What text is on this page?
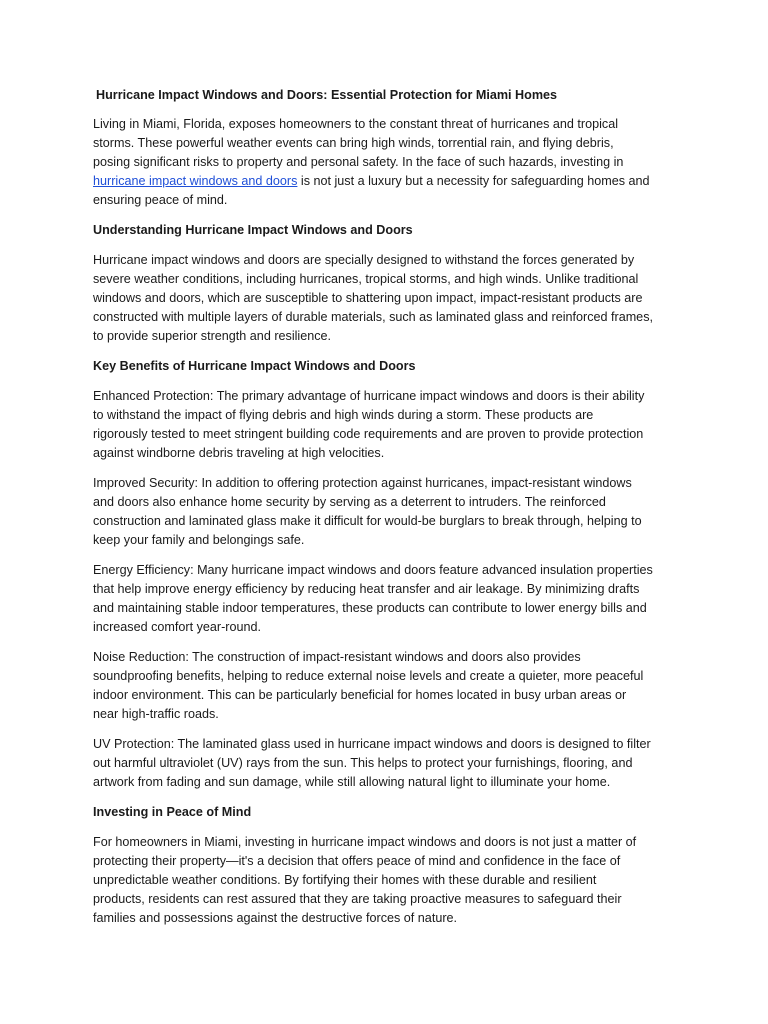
Hurricane Impact Windows and Doors: Essential Protection for Miami Homes
Living in Miami, Florida, exposes homeowners to the constant threat of hurricanes and tropical
storms. These powerful weather events can bring high winds, torrential rain, and flying debris,
posing significant risks to property and personal safety. In the face of such hazards, investing in
hurricane impact windows and doors is not just a luxury but a necessity for safeguarding homes and
ensuring peace of mind.
Understanding Hurricane Impact Windows and Doors
Hurricane impact windows and doors are specially designed to withstand the forces generated by
severe weather conditions, including hurricanes, tropical storms, and high winds. Unlike traditional
windows and doors, which are susceptible to shattering upon impact, impact-resistant products are
constructed with multiple layers of durable materials, such as laminated glass and reinforced frames,
to provide superior strength and resilience.
Key Benefits of Hurricane Impact Windows and Doors
Enhanced Protection: The primary advantage of hurricane impact windows and doors is their ability
to withstand the impact of flying debris and high winds during a storm. These products are
rigorously tested to meet stringent building code requirements and are proven to provide protection
against windborne debris traveling at high velocities.
Improved Security: In addition to offering protection against hurricanes, impact-resistant windows
and doors also enhance home security by serving as a deterrent to intruders. The reinforced
construction and laminated glass make it difficult for would-be burglars to break through, helping to
keep your family and belongings safe.
Energy Efficiency: Many hurricane impact windows and doors feature advanced insulation properties
that help improve energy efficiency by reducing heat transfer and air leakage. By minimizing drafts
and maintaining stable indoor temperatures, these products can contribute to lower energy bills and
increased comfort year-round.
Noise Reduction: The construction of impact-resistant windows and doors also provides
soundproofing benefits, helping to reduce external noise levels and create a quieter, more peaceful
indoor environment. This can be particularly beneficial for homes located in busy urban areas or
near high-traffic roads.
UV Protection: The laminated glass used in hurricane impact windows and doors is designed to filter
out harmful ultraviolet (UV) rays from the sun. This helps to protect your furnishings, flooring, and
artwork from fading and sun damage, while still allowing natural light to illuminate your home.
Investing in Peace of Mind
For homeowners in Miami, investing in hurricane impact windows and doors is not just a matter of
protecting their property—it's a decision that offers peace of mind and confidence in the face of
unpredictable weather conditions. By fortifying their homes with these durable and resilient
products, residents can rest assured that they are taking proactive measures to safeguard their
families and possessions against the destructive forces of nature.
